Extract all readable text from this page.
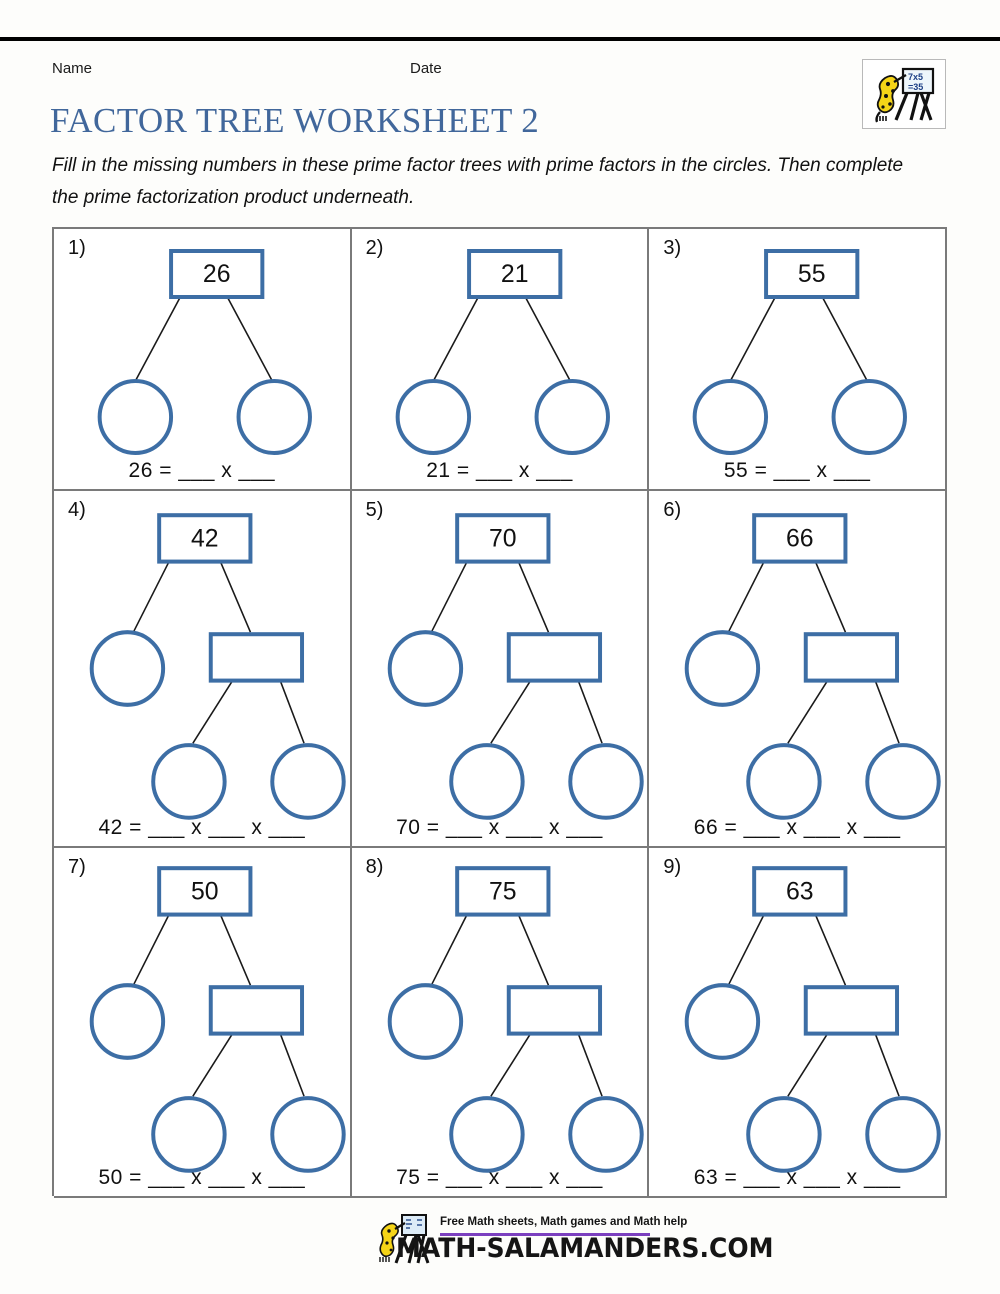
Name	Date
FACTOR TREE WORKSHEET 2
Fill in the missing numbers in these prime factor trees with prime factors in the circles. Then complete the prime factorization product underneath.
7x5
=35
1)
26
26 = ___ x ___
2)
21
21 = ___ x ___
3)
55
55 = ___ x ___
4)
42
42 = ___ x ___ x ___
5)
70
70 = ___ x ___ x ___
6)
66
66 = ___ x ___ x ___
7)
50
50 = ___ x ___ x ___
8)
75
75 = ___ x ___ x ___
9)
63
63 = ___ x ___ x ___
Free Math sheets, Math games and Math help
MATH-SALAMANDERS.COM
